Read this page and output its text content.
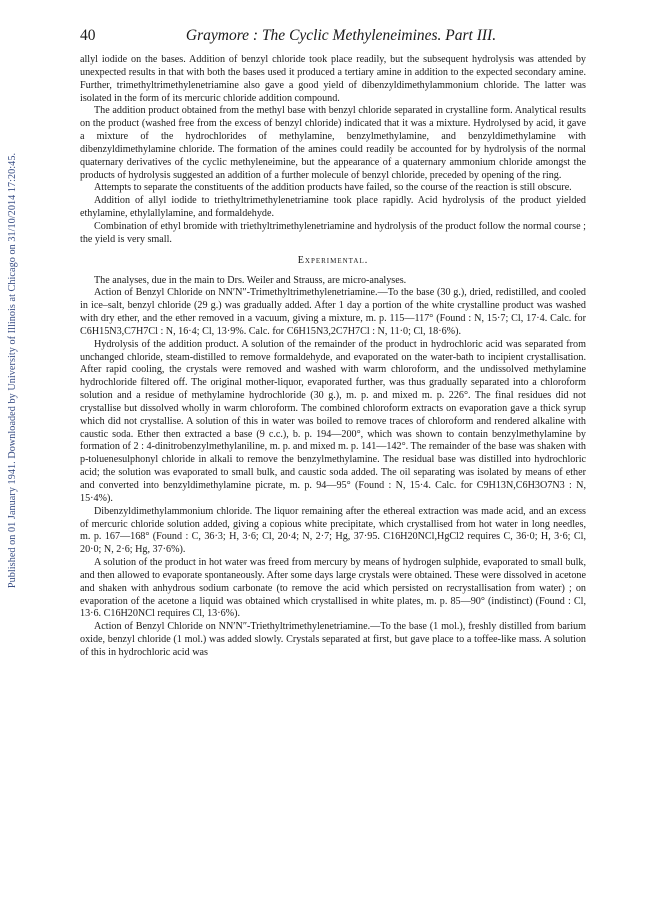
Published on 01 January 1941. Downloaded by University of Illinois at Chicago on 31/10/2014 17:20:45.
40	Graymore : The Cyclic Methyleneimines. Part III.

allyl iodide on the bases. Addition of benzyl chloride took place readily, but the subsequent hydrolysis was attended by unexpected results in that with both the bases used it produced a tertiary amine in addition to the expected secondary amine. Further, trimethyltrimethylenetriamine also gave a good yield of dibenzyldimethylammonium chloride. The latter was isolated in the form of its mercuric chloride addition compound.

The addition product obtained from the methyl base with benzyl chloride separated in crystalline form. Analytical results on the product (washed free from the excess of benzyl chloride) indicated that it was a mixture. Hydrolysed by acid, it gave a mixture of the hydrochlorides of methylamine, benzylmethylamine, and benzyldimethylamine with dibenzyldimethylamine chloride. The formation of the amines could readily be accounted for by hydrolysis of the normal quaternary derivatives of the cyclic methyleneimine, but the appearance of a quaternary ammonium chloride amongst the products of hydrolysis suggested an addition of a further molecule of benzyl chloride, preceded by opening of the ring.

Attempts to separate the constituents of the addition products have failed, so the course of the reaction is still obscure.

Addition of allyl iodide to triethyltrimethylenetriamine took place rapidly. Acid hydrolysis of the product yielded ethylamine, ethylallylamine, and formaldehyde.

Combination of ethyl bromide with triethyltrimethylenetriamine and hydrolysis of the product follow the normal course ; the yield is very small.

Experimental.

The analyses, due in the main to Drs. Weiler and Strauss, are micro-analyses.

Action of Benzyl Chloride on NN′N″-Trimethyltrimethylenetriamine.—To the base (30 g.), dried, redistilled, and cooled in ice–salt, benzyl chloride (29 g.) was gradually added. After 1 day a portion of the white crystalline product was washed with dry ether, and the ether removed in a vacuum, giving a mixture, m. p. 115—117° (Found : N, 15·7; Cl, 17·4. Calc. for C6H15N3,C7H7Cl : N, 16·4; Cl, 13·9%. Calc. for C6H15N3,2C7H7Cl : N, 11·0; Cl, 18·6%).

Hydrolysis of the addition product. A solution of the remainder of the product in hydrochloric acid was separated from unchanged chloride, steam-distilled to remove formaldehyde, and evaporated on the water-bath to incipient crystallisation. After rapid cooling, the crystals were removed and washed with warm chloroform, and the undissolved methylamine hydrochloride filtered off. The original mother-liquor, evaporated further, was thus gradually separated into a chloroform solution and a residue of methylamine hydrochloride (30 g.), m. p. and mixed m. p. 226°. The final residues did not crystallise but dissolved wholly in warm chloroform. The combined chloroform extracts on evaporation gave a thick syrup which did not crystallise. A solution of this in water was boiled to remove traces of chloroform and rendered alkaline with caustic soda. Ether then extracted a base (9 c.c.), b. p. 194—200°, which was shown to contain benzylmethylamine by formation of 2 : 4-dinitrobenzylmethylaniline, m. p. and mixed m. p. 141—142°. The remainder of the base was shaken with p-toluenesulphonyl chloride in alkali to remove the benzylmethylamine. The residual base was distilled into hydrochloric acid; the solution was evaporated to small bulk, and caustic soda added. The oil separating was isolated by means of ether and converted into benzyldimethylamine picrate, m. p. 94—95° (Found : N, 15·4. Calc. for C9H13N,C6H3O7N3 : N, 15·4%).

Dibenzyldimethylammonium chloride. The liquor remaining after the ethereal extraction was made acid, and an excess of mercuric chloride solution added, giving a copious white precipitate, which crystallised from hot water in long needles, m. p. 167—168° (Found : C, 36·3; H, 3·6; Cl, 20·4; N, 2·7; Hg, 37·95. C16H20NCl,HgCl2 requires C, 36·0; H, 3·6; Cl, 20·0; N, 2·6; Hg, 37·6%).

A solution of the product in hot water was freed from mercury by means of hydrogen sulphide, evaporated to small bulk, and then allowed to evaporate spontaneously. After some days large crystals were obtained. These were dissolved in acetone and shaken with anhydrous sodium carbonate (to remove the acid which persisted on recrystallisation from water) ; on evaporation of the acetone a liquid was obtained which crystallised in white plates, m. p. 85—90° (indistinct) (Found : Cl, 13·6. C16H20NCl requires Cl, 13·6%).

Action of Benzyl Chloride on NN′N″-Triethyltrimethylenetriamine.—To the base (1 mol.), freshly distilled from barium oxide, benzyl chloride (1 mol.) was added slowly. Crystals separated at first, but gave place to a toffee-like mass. A solution of this in hydrochloric acid was
